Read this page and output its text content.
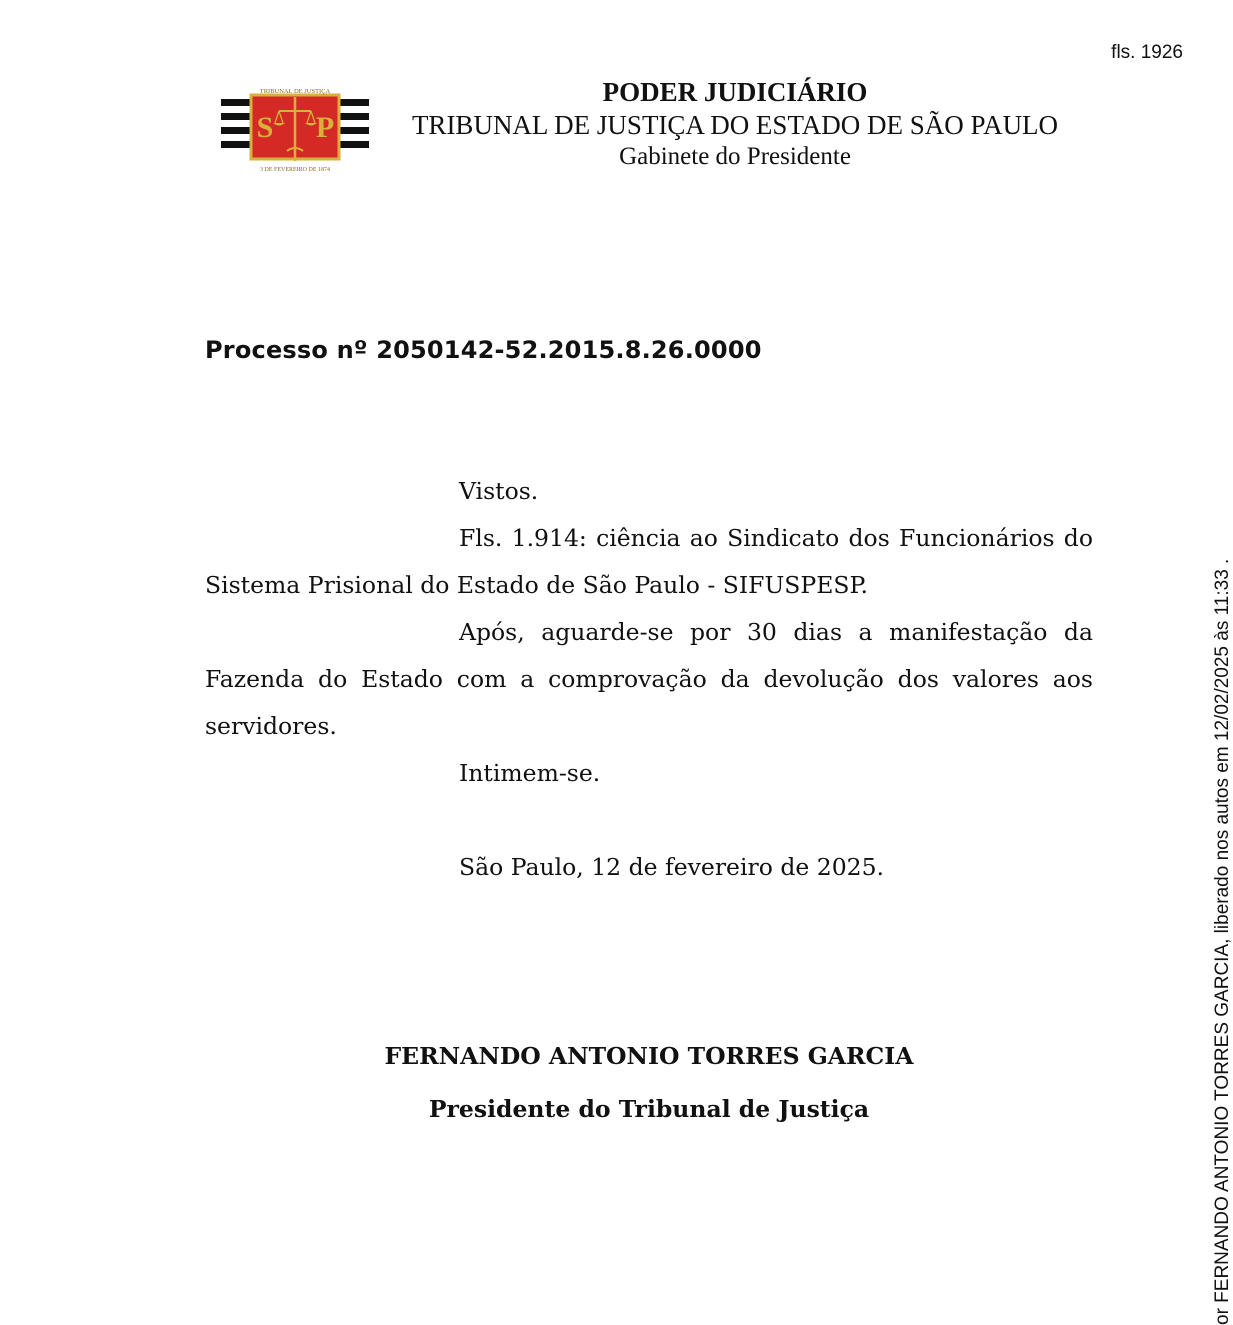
fls. 1926
S P
TRIBUNAL DE JUSTIÇA
3 DE FEVEREIRO DE 1874
PODER JUDICIÁRIO
TRIBUNAL DE JUSTIÇA DO ESTADO DE SÃO PAULO
Gabinete do Presidente
Processo nº 2050142-52.2015.8.26.0000

Vistos.

Fls. 1.914: ciência ao Sindicato dos Funcionários do Sistema Prisional do Estado de São Paulo - SIFUSPESP.

Após, aguarde-se por 30 dias a manifestação da Fazenda do Estado com a comprovação da devolução dos valores aos servidores.

Intimem-se.

São Paulo, 12 de fevereiro de 2025.

FERNANDO ANTONIO TORRES GARCIA
Presidente do Tribunal de Justiça	or FERNANDO ANTONIO TORRES GARCIA, liberado nos autos em 12/02/2025 às 11:33 .
